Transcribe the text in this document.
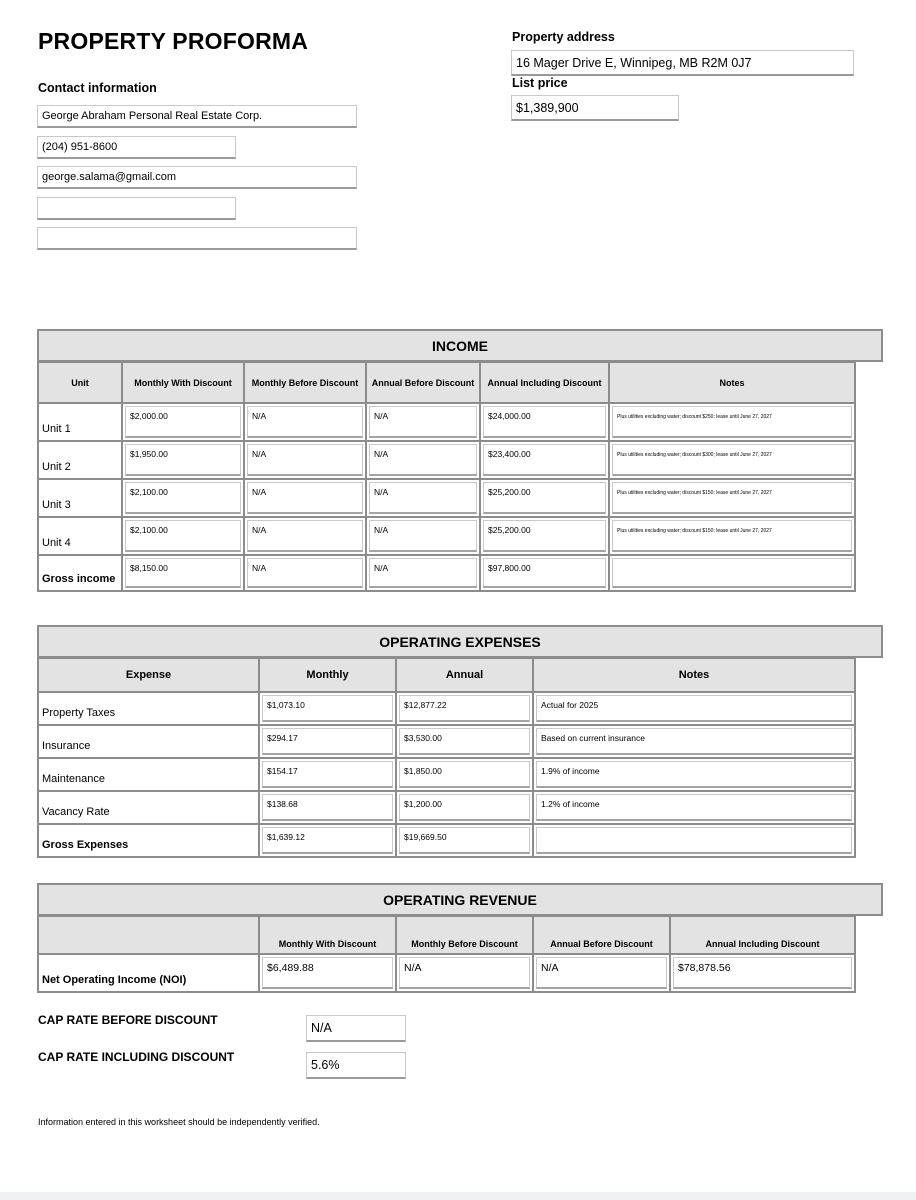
PROPERTY PROFORMA
Contact information
George Abraham Personal Real Estate Corp.
(204) 951-8600
george.salama@gmail.com
Property address
16 Mager Drive E, Winnipeg, MB R2M 0J7
List price
$1,389,900
INCOME
Unit	Monthly With Discount	Monthly Before Discount	Annual Before Discount	Annual Including Discount	Notes
Unit 1	$2,000.00	N/A	N/A	$24,000.00	Plus utilities excluding water; discount $250; lease until June 27, 2027

Unit 2	$1,950.00	N/A	N/A	$23,400.00	Plus utilities excluding water; discount $300; lease until June 27, 2027

Unit 3	$2,100.00	N/A	N/A	$25,200.00	Plus utilities excluding water; discount $150; lease until June 27, 2027

Unit 4	$2,100.00	N/A	N/A	$25,200.00	Plus utilities excluding water; discount $150; lease until June 27, 2027

Gross income	$8,150.00	N/A	N/A	$97,800.00	

OPERATING EXPENSES
Expense	Monthly	Annual	Notes
Property Taxes	$1,073.10	$12,877.22	Actual for 2025

Insurance	$294.17	$3,530.00	Based on current insurance

Maintenance	$154.17	$1,850.00	1.9% of income

Vacancy Rate	$138.68	$1,200.00	1.2% of income

Gross Expenses	$1,639.12	$19,669.50	

OPERATING REVENUE
	Monthly With Discount	Monthly Before Discount	Annual Before Discount	Annual Including Discount
Net Operating Income (NOI)	$6,489.88	N/A	N/A	$78,878.56
CAP RATE BEFORE DISCOUNT
N/A
CAP RATE INCLUDING DISCOUNT
5.6%
Information entered in this worksheet should be independently verified.
